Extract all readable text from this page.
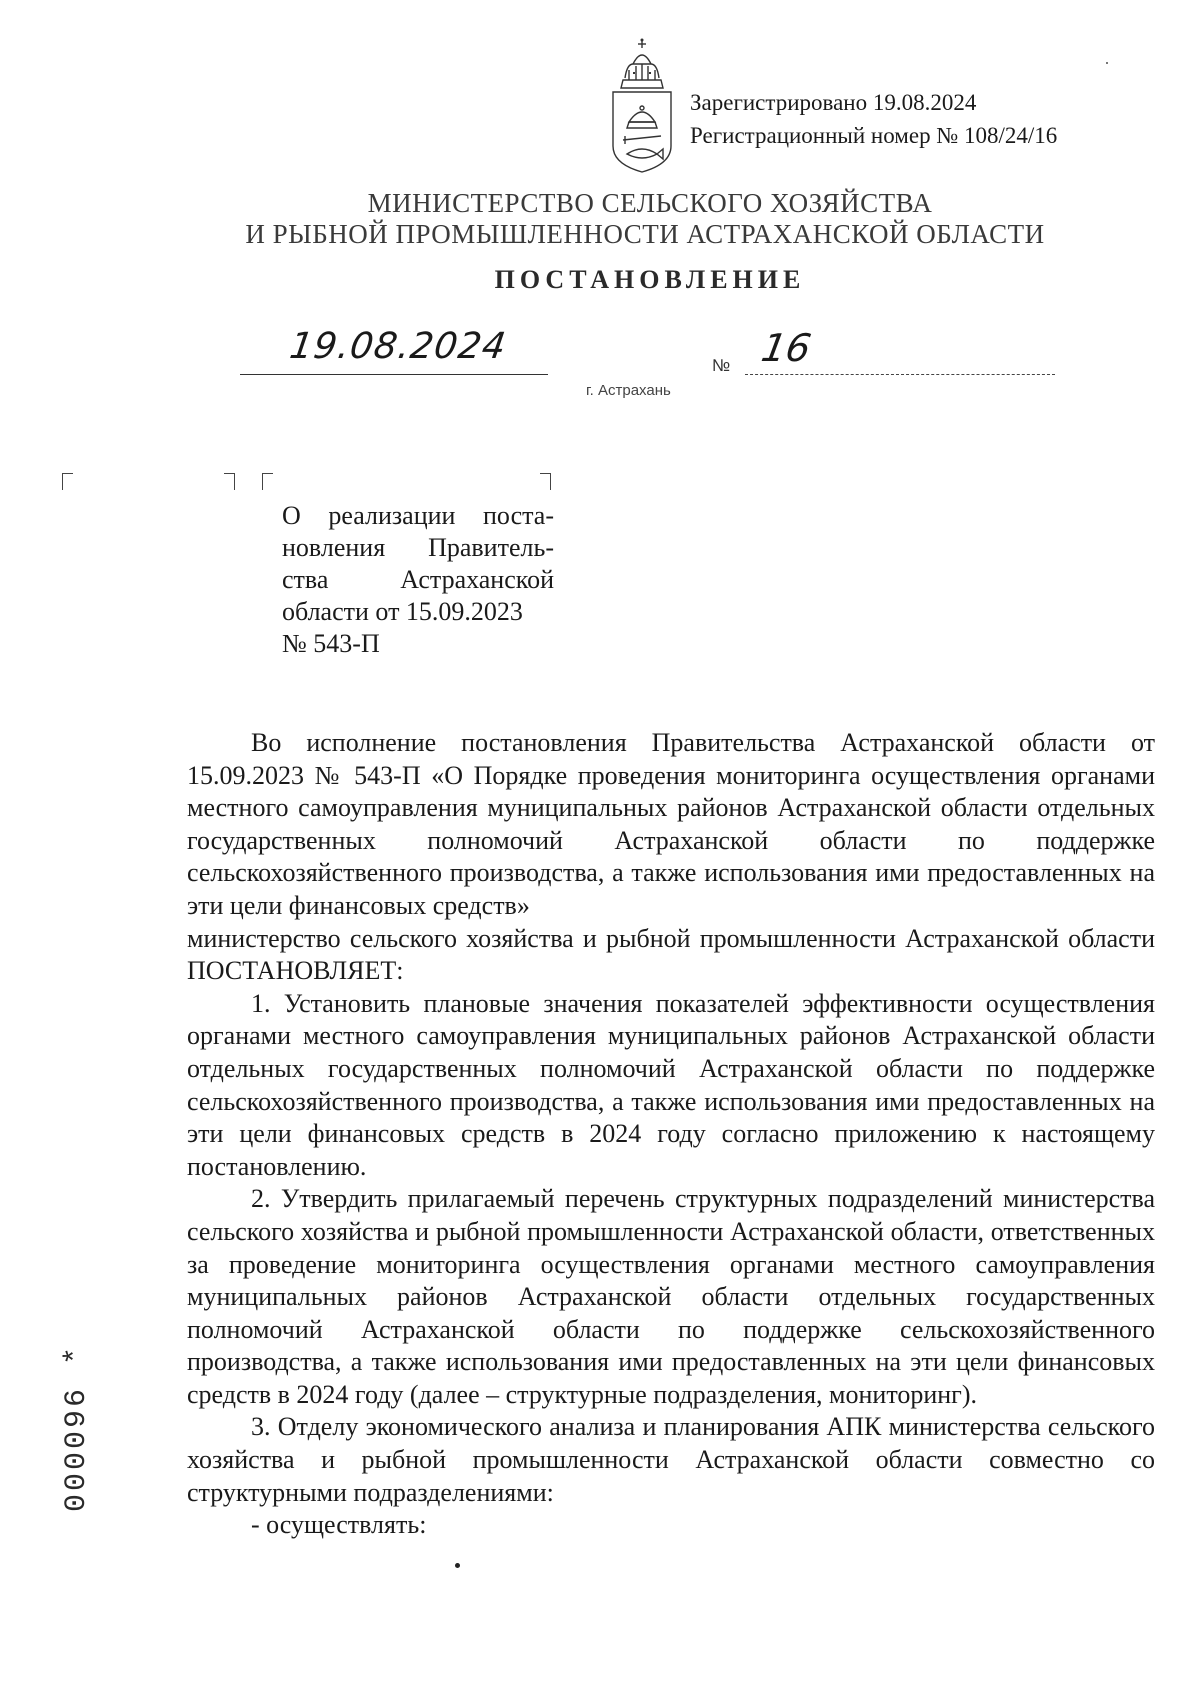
Зарегистрировано 19.08.2024
Регистрационный номер № 108/24/16
МИНИСТЕРСТВО СЕЛЬСКОГО ХОЗЯЙСТВА
И РЫБНОЙ ПРОМЫШЛЕННОСТИ АСТРАХАНСКОЙ ОБЛАСТИ
ПОСТАНОВЛЕНИЕ
19.08.2024	№ 16
г. Астрахань
О реализации поста-
новления Правитель-
ства Астраханской
области от 15.09.2023
№ 543-П

Во исполнение постановления Правительства Астраханской области от 15.09.2023 № 543-П «О Порядке проведения мониторинга осуществления органами местного самоуправления муниципальных районов Астраханской области отдельных государственных полномочий Астраханской области по поддержке сельскохозяйственного производства, а также использования ими предоставленных на эти цели финансовых средств»

министерство сельского хозяйства и рыбной промышленности Астраханской области ПОСТАНОВЛЯЕТ:

1. Установить плановые значения показателей эффективности осуществления органами местного самоуправления муниципальных районов Астраханской области отдельных государственных полномочий Астраханской области по поддержке сельскохозяйственного производства, а также использования ими предоставленных на эти цели финансовых средств в 2024 году согласно приложению к настоящему постановлению.

2. Утвердить прилагаемый перечень структурных подразделений министерства сельского хозяйства и рыбной промышленности Астраханской области, ответственных за проведение мониторинга осуществления органами местного самоуправления муниципальных районов Астраханской области отдельных государственных полномочий Астраханской области по поддержке сельскохозяйственного производства, а также использования ими предоставленных на эти цели финансовых средств в 2024 году (далее – структурные подразделения, мониторинг).

3. Отделу экономического анализа и планирования АПК министерства сельского хозяйства и рыбной промышленности Астраханской области совместно со структурными подразделениями:

- осуществлять:

000096 *
